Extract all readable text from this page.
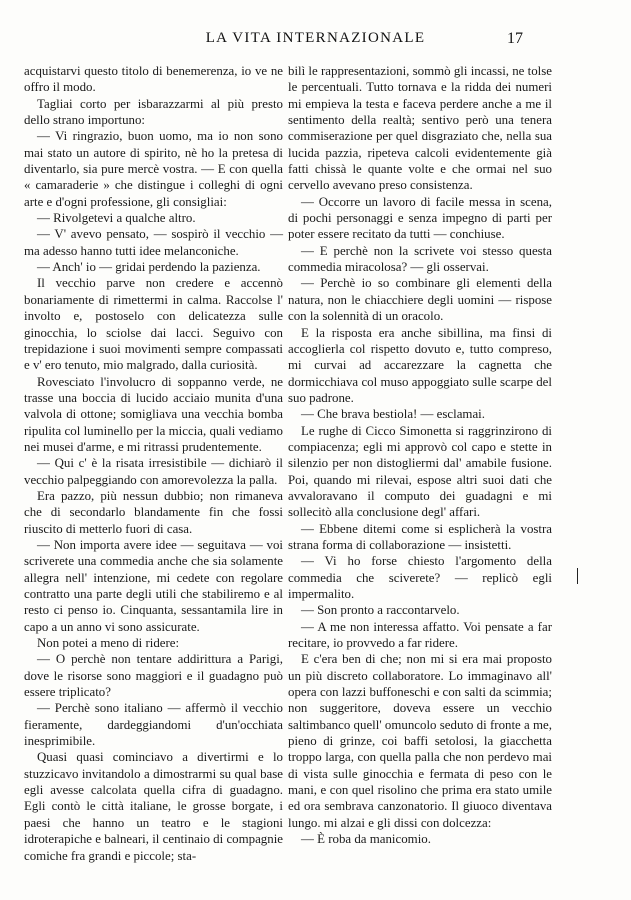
LA VITA INTERNAZIONALE	17

acquistarvi questo titolo di benemerenza, io ve ne offro il modo.

Tagliai corto per isbarazzarmi al più presto dello strano importuno:

— Vi ringrazio, buon uomo, ma io non sono mai stato un autore di spirito, nè ho la pretesa di diventarlo, sia pure mercè vostra. — E con quella « camaraderie » che distingue i colleghi di ogni arte e d'ogni professione, gli consigliai:

— Rivolgetevi a qualche altro.

— V' avevo pensato, — sospirò il vecchio — ma adesso hanno tutti idee melanconiche.

— Anch' io — gridai perdendo la pazienza.

Il vecchio parve non credere e accennò bonariamente di rimettermi in calma. Raccolse l' involto e, postoselo con delicatezza sulle ginocchia, lo sciolse dai lacci. Seguivo con trepidazione i suoi movimenti sempre compassati e v' ero tenuto, mio malgrado, dalla curiosità.

Rovesciato l'involucro di soppanno verde, ne trasse una boccia di lucido acciaio munita d'una valvola di ottone; somigliava una vecchia bomba ripulita col luminello per la miccia, quali vediamo nei musei d'arme, e mi ritrassi prudentemente.

— Qui c' è la risata irresistibile — dichiarò il vecchio palpeggiando con amorevolezza la palla.

Era pazzo, più nessun dubbio; non rimaneva che di secondarlo blandamente fin che fossi riuscito di metterlo fuori di casa.

— Non importa avere idee — seguitava — voi scriverete una commedia anche che sia solamente allegra nell' intenzione, mi cedete con regolare contratto una parte degli utili che stabiliremo e al resto ci penso io. Cinquanta, sessantamila lire in capo a un anno vi sono assicurate.

Non potei a meno di ridere:

— O perchè non tentare addirittura a Parigi, dove le risorse sono maggiori e il guadagno può essere triplicato?

— Perchè sono italiano — affermò il vecchio fieramente, dardeggiandomi d'un'occhiata inesprimibile.

Quasi quasi cominciavo a divertirmi e lo stuzzicavo invitandolo a dimostrarmi su qual base egli avesse calcolata quella cifra di guadagno. Egli contò le città italiane, le grosse borgate, i paesi che hanno un teatro e le stagioni idroterapiche e balneari, il centinaio di compagnie comiche fra grandi e piccole; sta-

bilì le rappresentazioni, sommò gli incassi, ne tolse le percentuali. Tutto tornava e la ridda dei numeri mi empieva la testa e faceva perdere anche a me il sentimento della realtà; sentivo però una tenera commiserazione per quel disgraziato che, nella sua lucida pazzia, ripeteva calcoli evidentemente già fatti chissà le quante volte e che ormai nel suo cervello avevano preso consistenza.

— Occorre un lavoro di facile messa in scena, di pochi personaggi e senza impegno di parti per poter essere recitato da tutti — conchiuse.

— E perchè non la scrivete voi stesso questa commedia miracolosa? — gli osservai.

— Perchè io so combinare gli elementi della natura, non le chiacchiere degli uomini — rispose con la solennità di un oracolo.

E la risposta era anche sibillina, ma finsi di accoglierla col rispetto dovuto e, tutto compreso, mi curvai ad accarezzare la cagnetta che dormicchiava col muso appoggiato sulle scarpe del suo padrone.

— Che brava bestiola! — esclamai.

Le rughe di Cicco Simonetta si raggrinzirono di compiacenza; egli mi approvò col capo e stette in silenzio per non distogliermi dal' amabile fusione. Poi, quando mi rilevai, espose altri suoi dati che avvaloravano il computo dei guadagni e mi sollecitò alla conclusione degl' affari.

— Ebbene ditemi come si esplicherà la vostra strana forma di collaborazione — insistetti.

— Vi ho forse chiesto l'argomento della commedia che sciverete? — replicò egli impermalito.

— Son pronto a raccontarvelo.

— A me non interessa affatto. Voi pensate a far recitare, io provvedo a far ridere.

E c'era ben di che; non mi si era mai proposto un più discreto collaboratore. Lo immaginavo all' opera con lazzi buffoneschi e con salti da scimmia; non suggeritore, doveva essere un vecchio saltimbanco quell' omuncolo seduto di fronte a me, pieno di grinze, coi baffi setolosi, la giacchetta troppo larga, con quella palla che non perdevo mai di vista sulle ginocchia e fermata di peso con le mani, e con quel risolino che prima era stato umile ed ora sembrava canzonatorio. Il giuoco diventava lungo. mi alzai e gli dissi con dolcezza:

— È roba da manicomio.
